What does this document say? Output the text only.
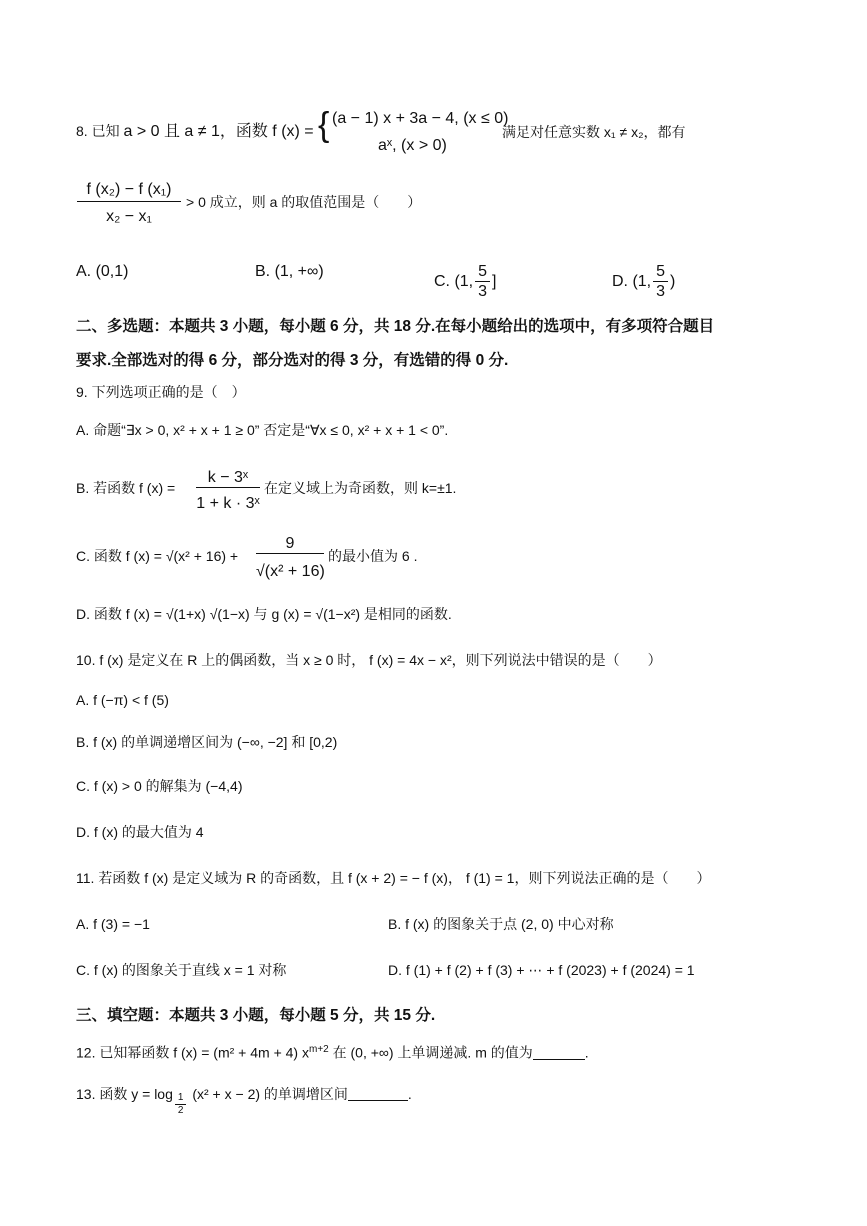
8. 已知 a > 0 且 a ≠ 1，函数 f (x) = { (a − 1) x + 3a − 4, (x ≤ 0)
aˣ, (x > 0)
满足对任意实数 x₁ ≠ x₂，都有
f (x₂) − f (x₁)
x₂ − x₁
> 0 成立，则 a 的取值范围是（　　）
A. (0,1)	B. (1, +∞)
C. (1, $\frac{5}{3}$ ]	D. (1, $\frac{5}{3}$ )
二、多选题：本题共 3 小题，每小题 6 分，共 18 分.在每小题给出的选项中，有多项符合题目
要求.全部选对的得 6 分，部分选对的得 3 分，有选错的得 0 分.
9. 下列选项正确的是（　）
A. 命题“∃x > 0, x² + x + 1 ≥ 0” 否定是“∀x ≤ 0, x² + x + 1 < 0”.
B. 若函数 f (x) =
k − 3ˣ
1 + k · 3ˣ
在定义域上为奇函数，则 k=±1.
C. 函数 f (x) = √(x² + 16) +
9
√(x² + 16)
的最小值为 6 .
D. 函数 f (x) = √(1+x) √(1−x) 与 g (x) = √(1−x²) 是相同的函数.
10. f (x) 是定义在 R 上的偶函数，当 x ≥ 0 时， f (x) = 4x − x²，则下列说法中错误的是（　　）
A. f (−π) < f (5)
B. f (x) 的单调递增区间为 (−∞, −2] 和 [0,2)
C. f (x) > 0 的解集为 (−4,4)
D. f (x) 的最大值为 4
11. 若函数 f (x) 是定义域为 R 的奇函数，且 f (x + 2) = − f (x)， f (1) = 1，则下列说法正确的是（　　）
A. f (3) = −1	B. f (x) 的图象关于点 (2, 0) 中心对称
C. f (x) 的图象关于直线 x = 1 对称	D. f (1) + f (2) + f (3) + ⋯ + f (2023) + f (2024) = 1
三、填空题：本题共 3 小题，每小题 5 分，共 15 分.
12. 已知幂函数 f (x) = (m² + 4m + 4) $x^{m+2}$ 在 (0, +∞) 上单调递减. m 的值为	.
13. 函数 $y = \log \frac{1}{2} (x^2 + x - 2)$ 的单调增区间	.
